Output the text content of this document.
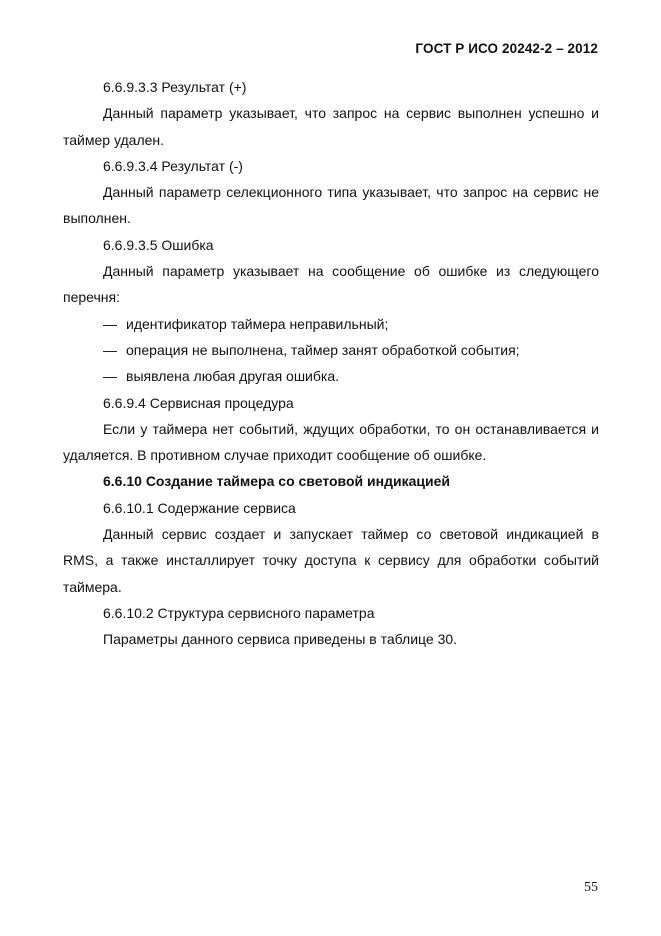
ГОСТ Р ИСО 20242-2 – 2012

6.6.9.3.3 Результат (+)

Данный параметр указывает, что запрос на сервис выполнен успешно и таймер удален.

6.6.9.3.4 Результат (-)

Данный параметр селекционного типа указывает, что запрос на сервис не выполнен.

6.6.9.3.5 Ошибка

Данный параметр указывает на сообщение об ошибке из следующего перечня:

— идентификатор таймера неправильный;

— операция не выполнена, таймер занят обработкой события;

— выявлена любая другая ошибка.

6.6.9.4 Сервисная процедура

Если у таймера нет событий, ждущих обработки, то он останавливается и удаляется. В противном случае приходит сообщение об ошибке.

6.6.10 Создание таймера со световой индикацией

6.6.10.1 Содержание сервиса

Данный сервис создает и запускает таймер со световой индикацией в RMS, а также инсталлирует точку доступа к сервису для обработки событий таймера.

6.6.10.2 Структура сервисного параметра

Параметры данного сервиса приведены в таблице 30.

55
